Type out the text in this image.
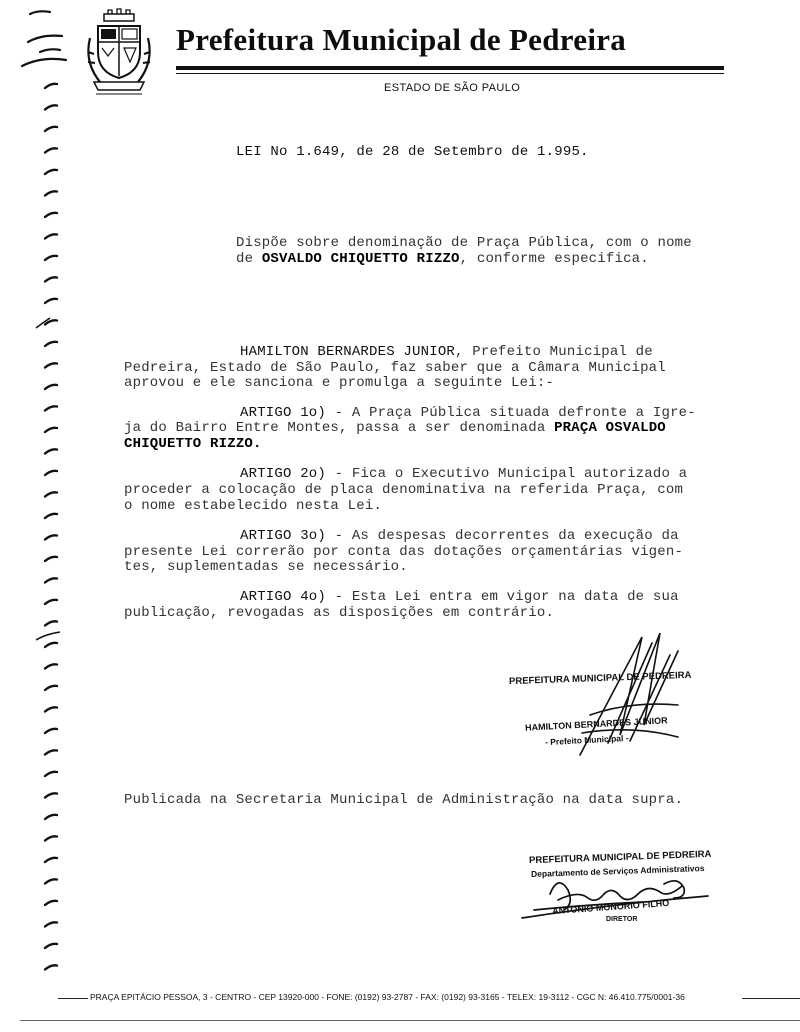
Prefeitura Municipal de Pedreira
ESTADO DE SÃO PAULO
LEI No 1.649, de 28 de Setembro de 1.995.
Dispõe sobre denominação de Praça Pública, com o nome
de OSVALDO CHIQUETTO RIZZO, conforme especifica.
HAMILTON BERNARDES JUNIOR, Prefeito Municipal de
Pedreira, Estado de São Paulo, faz saber que a Câmara Municipal
aprovou e ele sanciona e promulga a seguinte Lei:-
ARTIGO 1o) - A Praça Pública situada defronte a Igre-
ja do Bairro Entre Montes, passa a ser denominada PRAÇA OSVALDO
CHIQUETTO RIZZO.
ARTIGO 2o) - Fica o Executivo Municipal autorizado a
proceder a colocação de placa denominativa na referida Praça, com
o nome estabelecido nesta Lei.
ARTIGO 3o) - As despesas decorrentes da execução da
presente Lei correrão por conta das dotações orçamentárias vigen-
tes, suplementadas se necessário.
ARTIGO 4o) - Esta Lei entra em vigor na data de sua
publicação, revogadas as disposições em contrário.
PREFEITURA MUNICIPAL DE PEDREIRA
HAMILTON BERNARDES JUNIOR
- Prefeito Municipal -
Publicada na Secretaria Municipal de Administração na data supra.
PREFEITURA MUNICIPAL DE PEDREIRA
Departamento de Serviços Administrativos
ANTONIO MONORIO FILHO
DIRETOR
PRAÇA EPITÁCIO PESSOA, 3 - CENTRO - CEP 13920-000 - FONE: (0192) 93-2787 - FAX: (0192) 93-3165 - TELEX: 19-3112 - CGC N: 46.410.775/0001-36
